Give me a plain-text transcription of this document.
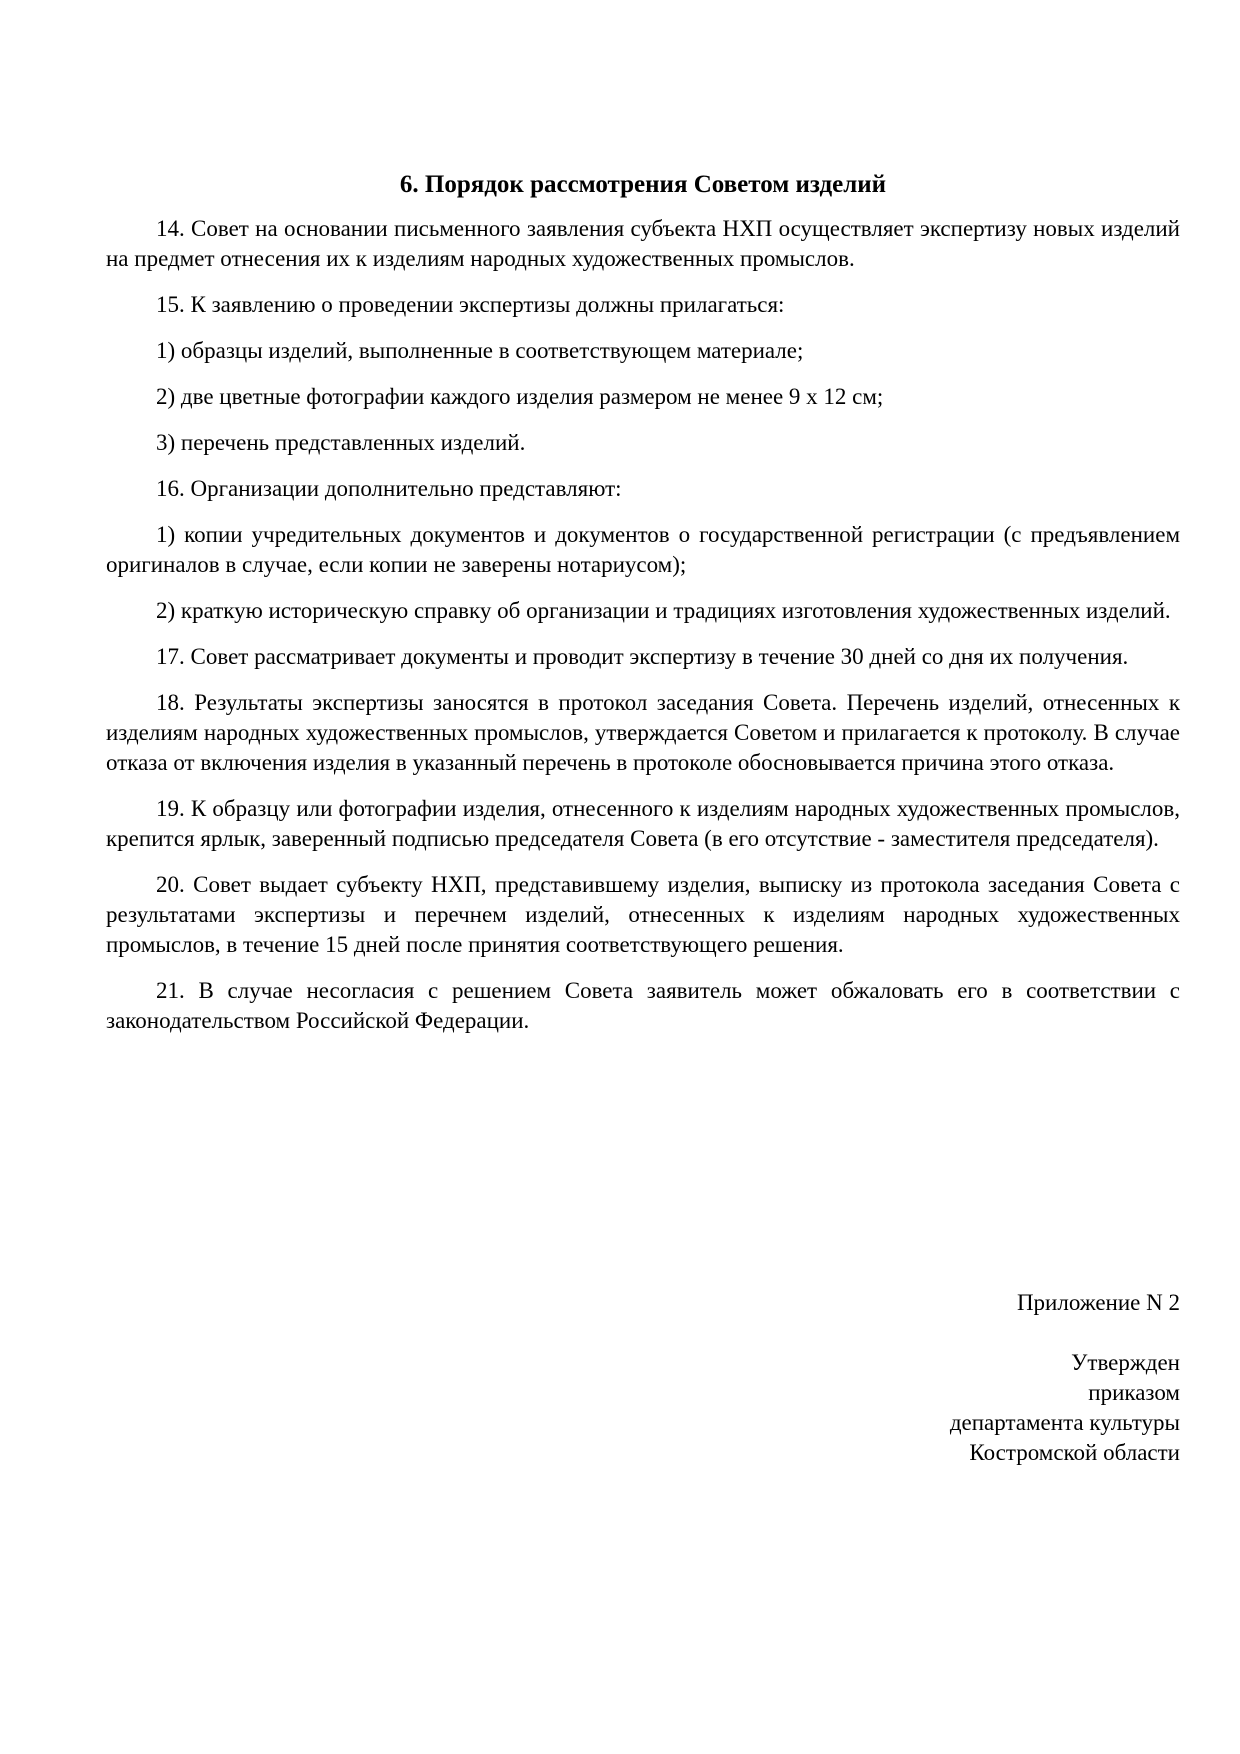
6. Порядок рассмотрения Советом изделий

14. Совет на основании письменного заявления субъекта НХП осуществляет экспертизу новых изделий на предмет отнесения их к изделиям народных художественных промыслов.

15. К заявлению о проведении экспертизы должны прилагаться:

1) образцы изделий, выполненные в соответствующем материале;

2) две цветные фотографии каждого изделия размером не менее 9 x 12 см;

3) перечень представленных изделий.

16. Организации дополнительно представляют:

1) копии учредительных документов и документов о государственной регистрации (с предъявлением оригиналов в случае, если копии не заверены нотариусом);

2) краткую историческую справку об организации и традициях изготовления художественных изделий.

17. Совет рассматривает документы и проводит экспертизу в течение 30 дней со дня их получения.

18. Результаты экспертизы заносятся в протокол заседания Совета. Перечень изделий, отнесенных к изделиям народных художественных промыслов, утверждается Советом и прилагается к протоколу. В случае отказа от включения изделия в указанный перечень в протоколе обосновывается причина этого отказа.

19. К образцу или фотографии изделия, отнесенного к изделиям народных художественных промыслов, крепится ярлык, заверенный подписью председателя Совета (в его отсутствие - заместителя председателя).

20. Совет выдает субъекту НХП, представившему изделия, выписку из протокола заседания Совета с результатами экспертизы и перечнем изделий, отнесенных к изделиям народных художественных промыслов, в течение 15 дней после принятия соответствующего решения.

21. В случае несогласия с решением Совета заявитель может обжаловать его в соответствии с законодательством Российской Федерации.

Приложение N 2
Утвержден
приказом
департамента культуры
Костромской области
